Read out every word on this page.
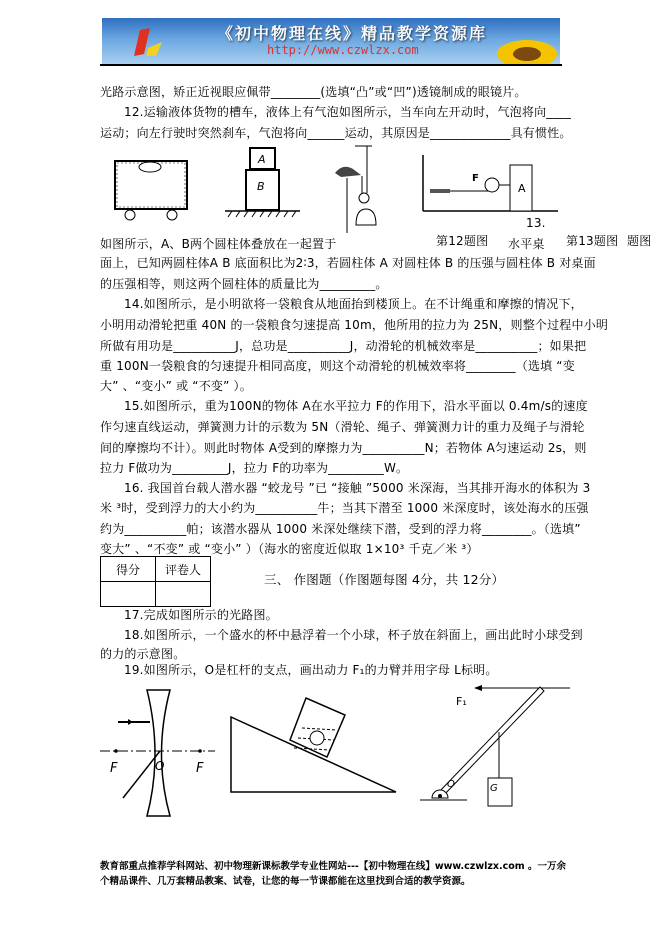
《初中物理在线》精品教学资源库
http://www.czwlzx.com
光路示意图，矫正近视眼应佩带________(选填“凸”或“凹”)透镜制成的眼镜片。
12.运输液体货物的槽车，液体上有气泡如图所示，当车向左开动时，气泡将向____
运动；向左行驶时突然刹车，气泡将向______运动，其原因是_____________具有惯性。
A
B	A
F
13.
如图所示，A、B两个圆柱体叠放在一起置于	第12题图 水平桌 第13题图 题图
面上，已知两圆柱体A B 底面积比为2∶3，若圆柱体 A 对圆柱体 B 的压强与圆柱体 B 对桌面
的压强相等，则这两个圆柱体的质量比为_________。
14.如图所示，是小明欲将一袋粮食从地面抬到楼顶上。在不计绳重和摩擦的情况下，
小明用动滑轮把重 40N 的一袋粮食匀速提高 10m，他所用的拉力为 25N，则整个过程中小明
所做有用功是__________J，总功是__________J，动滑轮的机械效率是__________；如果把
重 100N一袋粮食的匀速提升相同高度，则这个动滑轮的机械效率将________（选填 “变
大” 、“变小” 或 “不变” ）。
15.如图所示，重为100N的物体 A在水平拉力 F的作用下，沿水平面以 0.4m/s的速度
作匀速直线运动，弹簧测力计的示数为 5N（滑轮、绳子、弹簧测力计的重力及绳子与滑轮
间的摩擦均不计）。则此时物体 A受到的摩擦力为__________N；若物体 A匀速运动 2s，则
拉力 F做功为_________J，拉力 F的功率为_________W。
16. 我国首台载人潜水器 “蛟龙号 ”已 “接触 ”5000 米深海，当其排开海水的体积为 3
米 ³时，受到浮力的大小约为__________牛；当其下潜至 1000 米深度时，该处海水的压强
约为__________帕；该潜水器从 1000 米深处继续下潜，受到的浮力将________。（选填”
变大” 、“不变” 或 “变小” ）（海水的密度近似取 1×10³ 千克／米 ³）
得分	评卷人

三、 作图题（作图题每图 4分，共 12分）
17.完成如图所示的光路图。
18.如图所示，一个盛水的杯中悬浮着一个小球，杯子放在斜面上，画出此时小球受到
的力的示意图。
19.如图所示，O是杠杆的支点，画出动力 F₁的力臂并用字母 L标明。
F	F
O
F₁
O	G
教育部重点推荐学科网站、初中物理新课标教学专业性网站---【初中物理在线】www.czwlzx.com 。一万余
个精品课件、几万套精品教案、试卷，让您的每一节课都能在这里找到合适的教学资源。
